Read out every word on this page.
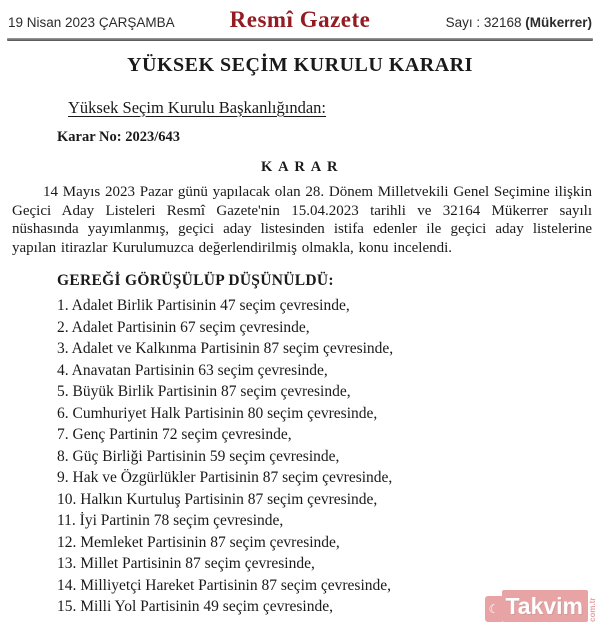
19 Nisan 2023 ÇARŞAMBA	Resmî Gazete	Sayı : 32168 (Mükerrer)
YÜKSEK SEÇİM KURULU KARARI
Yüksek Seçim Kurulu Başkanlığından:
Karar No: 2023/643
K A R A R

14 Mayıs 2023 Pazar günü yapılacak olan 28. Dönem Milletvekili Genel Seçimine ilişkin Geçici Aday Listeleri Resmî Gazete'nin 15.04.2023 tarihli ve 32164 Mükerrer sayılı nüshasında yayımlanmış, geçici aday listesinden istifa edenler ile geçici aday listelerine yapılan itirazlar Kurulumuzca değerlendirilmiş olmakla, konu incelendi.

GEREĞİ GÖRÜŞÜLÜP DÜŞÜNÜLDÜ:
1. Adalet Birlik Partisinin 47 seçim çevresinde,
2. Adalet Partisinin 67 seçim çevresinde,
3. Adalet ve Kalkınma Partisinin 87 seçim çevresinde,
4. Anavatan Partisinin 63 seçim çevresinde,
5. Büyük Birlik Partisinin 87 seçim çevresinde,
6. Cumhuriyet Halk Partisinin 80 seçim çevresinde,
7. Genç Partinin 72 seçim çevresinde,
8. Güç Birliği Partisinin 59 seçim çevresinde,
9. Hak ve Özgürlükler Partisinin 87 seçim çevresinde,
10. Halkın Kurtuluş Partisinin 87 seçim çevresinde,
11. İyi Partinin 78 seçim çevresinde,
12. Memleket Partisinin 87 seçim çevresinde,
13. Millet Partisinin 87 seçim çevresinde,
14. Milliyetçi Hareket Partisinin 87 seçim çevresinde,
15. Milli Yol Partisinin 49 seçim çevresinde,	☾ Takvim com.tr
